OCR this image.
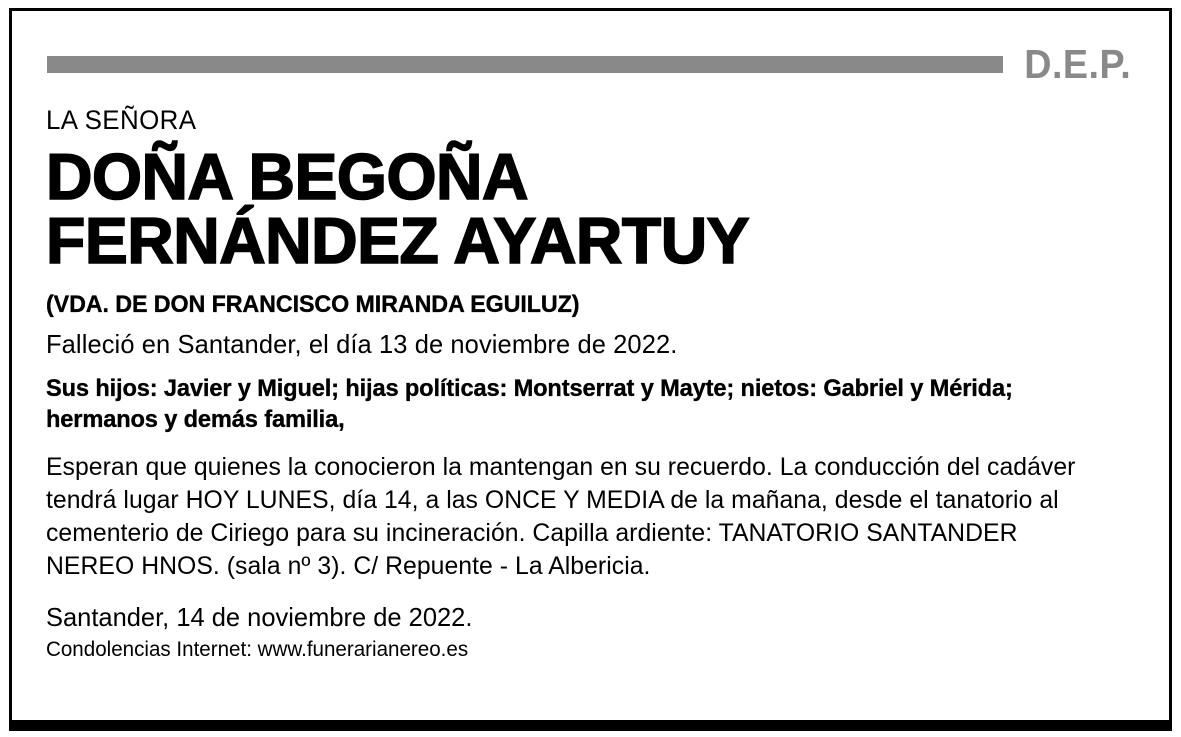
D.E.P.
LA SEÑORA
DOÑA BEGOÑA
FERNÁNDEZ AYARTUY
(VDA. DE DON FRANCISCO MIRANDA EGUILUZ)
Falleció en Santander, el día 13 de noviembre de 2022.
Sus hijos: Javier y Miguel; hijas políticas: Montserrat y Mayte; nietos: Gabriel y Mérida; hermanos y demás familia,
Esperan que quienes la conocieron la mantengan en su recuerdo. La conducción del cadáver tendrá lugar HOY LUNES, día 14, a las ONCE Y MEDIA de la mañana, desde el tanatorio al cementerio de Ciriego para su incineración. Capilla ardiente: TANATORIO SANTANDER NEREO HNOS. (sala nº 3). C/ Repuente - La Albericia.
Santander, 14 de noviembre de 2022.
Condolencias Internet: www.funerarianereo.es
